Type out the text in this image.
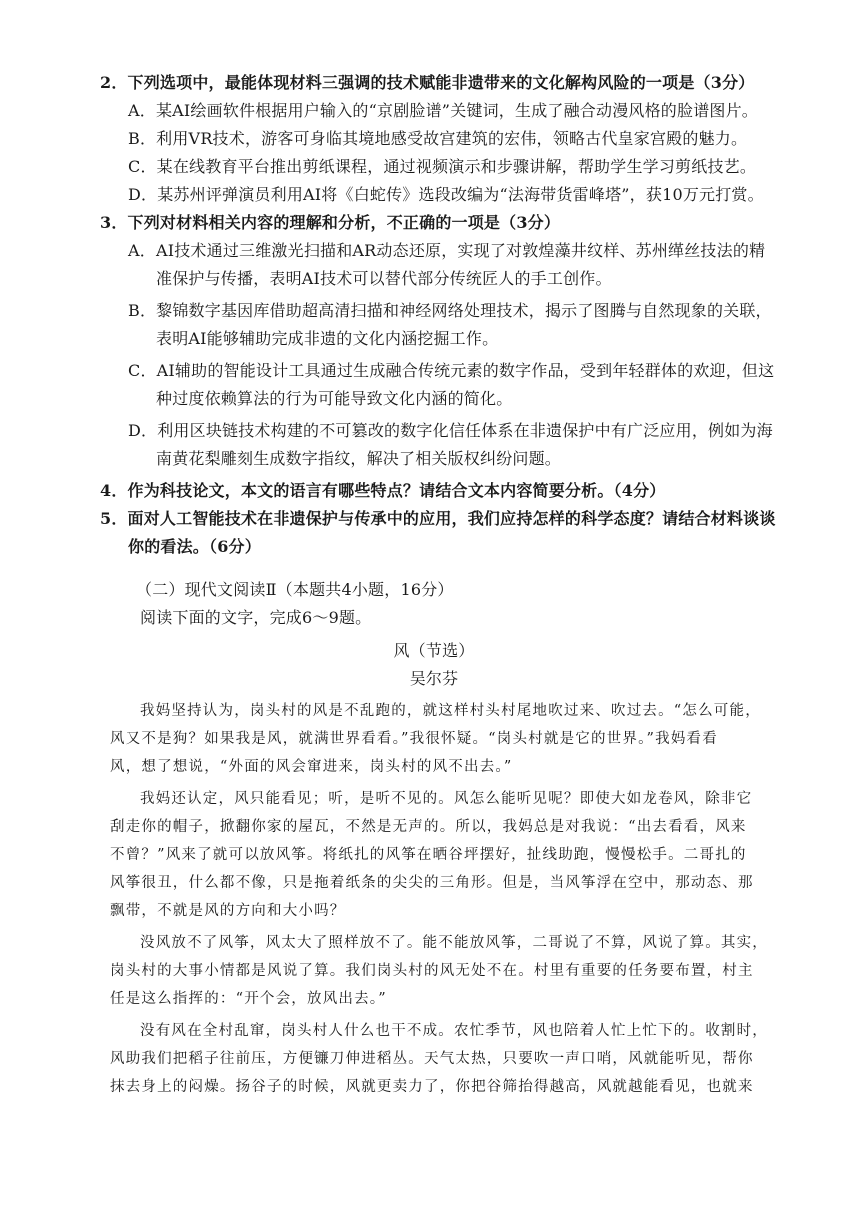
2．下列选项中，最能体现材料三强调的技术赋能非遗带来的文化解构风险的一项是（3分）
A．某AI绘画软件根据用户输入的“京剧脸谱”关键词，生成了融合动漫风格的脸谱图片。
B．利用VR技术，游客可身临其境地感受故宫建筑的宏伟，领略古代皇家宫殿的魅力。
C．某在线教育平台推出剪纸课程，通过视频演示和步骤讲解，帮助学生学习剪纸技艺。
D．某苏州评弹演员利用AI将《白蛇传》选段改编为“法海带货雷峰塔”，获10万元打赏。
3．下列对材料相关内容的理解和分析，不正确的一项是（3分）
A．AI技术通过三维激光扫描和AR动态还原，实现了对敦煌藻井纹样、苏州缂丝技法的精
准保护与传播，表明AI技术可以替代部分传统匠人的手工创作。
B．黎锦数字基因库借助超高清扫描和神经网络处理技术，揭示了图腾与自然现象的关联，
表明AI能够辅助完成非遗的文化内涵挖掘工作。
C．AI辅助的智能设计工具通过生成融合传统元素的数字作品，受到年轻群体的欢迎，但这
种过度依赖算法的行为可能导致文化内涵的简化。
D．利用区块链技术构建的不可篡改的数字化信任体系在非遗保护中有广泛应用，例如为海
南黄花梨雕刻生成数字指纹，解决了相关版权纠纷问题。
4．作为科技论文，本文的语言有哪些特点？请结合文本内容简要分析。（4分）
5．面对人工智能技术在非遗保护与传承中的应用，我们应持怎样的科学态度？请结合材料谈谈
你的看法。（6分）
（二）现代文阅读Ⅱ（本题共4小题，16分）
阅读下面的文字，完成6～9题。
风（节选）
吴尔芬
我妈坚持认为，岗头村的风是不乱跑的，就这样村头村尾地吹过来、吹过去。“怎么可能，
风又不是狗？如果我是风，就满世界看看。”我很怀疑。“岗头村就是它的世界。”我妈看看
风，想了想说，“外面的风会窜进来，岗头村的风不出去。”
我妈还认定，风只能看见；听，是听不见的。风怎么能听见呢？即使大如龙卷风，除非它
刮走你的帽子，掀翻你家的屋瓦，不然是无声的。所以，我妈总是对我说：“出去看看，风来
不曾？”风来了就可以放风筝。将纸扎的风筝在晒谷坪摆好，扯线助跑，慢慢松手。二哥扎的
风筝很丑，什么都不像，只是拖着纸条的尖尖的三角形。但是，当风筝浮在空中，那动态、那
飘带，不就是风的方向和大小吗？
没风放不了风筝，风太大了照样放不了。能不能放风筝，二哥说了不算，风说了算。其实，
岗头村的大事小情都是风说了算。我们岗头村的风无处不在。村里有重要的任务要布置，村主
任是这么指挥的：“开个会，放风出去。”
没有风在全村乱窜，岗头村人什么也干不成。农忙季节，风也陪着人忙上忙下的。收割时，
风助我们把稻子往前压，方便镰刀伸进稻丛。天气太热，只要吹一声口哨，风就能听见，帮你
抹去身上的闷燥。扬谷子的时候，风就更卖力了，你把谷筛抬得越高，风就越能看见，也就来
